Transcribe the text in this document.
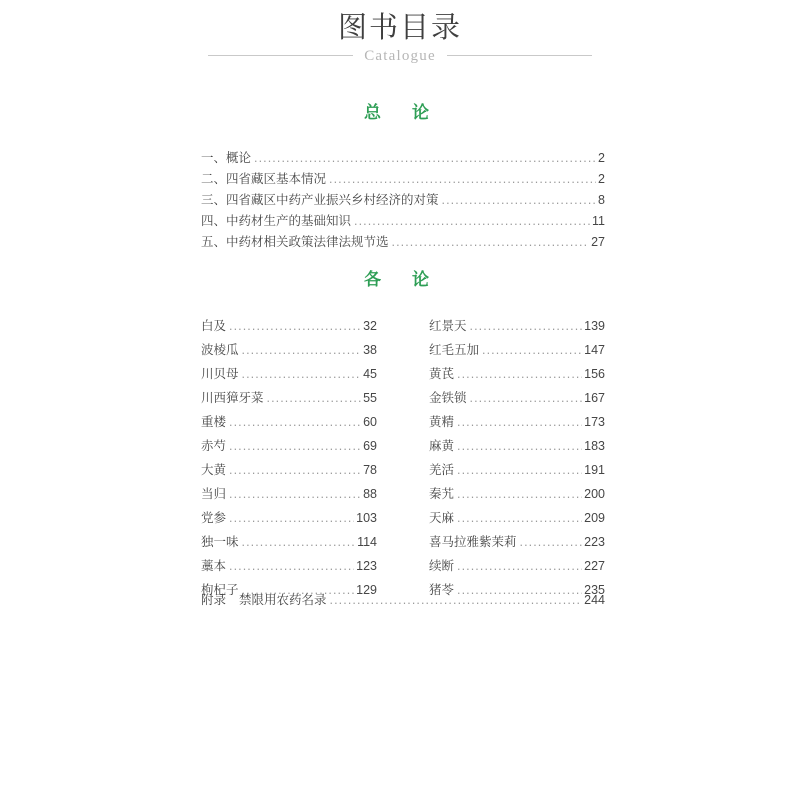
图书目录
Catalogue
总　论
一、概论 .....	2
二、四省藏区基本情况 .....	2
三、四省藏区中药产业振兴乡村经济的对策 .....	8
四、中药材生产的基础知识 .....	11
五、中药材相关政策法律法规节选 .....	27
各　论
白及 .....	32
波棱瓜 .....	38
川贝母 .....	45
川西獐牙菜 .....	55
重楼 .....	60
赤芍 .....	69
大黄 .....	78
当归 .....	88
党参 .....	103
独一味 .....	114
藁本 .....	123
枸杞子 .....	129
红景天 .....	139
红毛五加 .....	147
黄芪 .....	156
金铁锁 .....	167
黄精 .....	173
麻黄 .....	183
羌活 .....	191
秦艽 .....	200
天麻 .....	209
喜马拉雅紫茉莉 .....	223
续断 .....	227
猪苓 .....	235
附录	禁限用农药名录 .....	244
